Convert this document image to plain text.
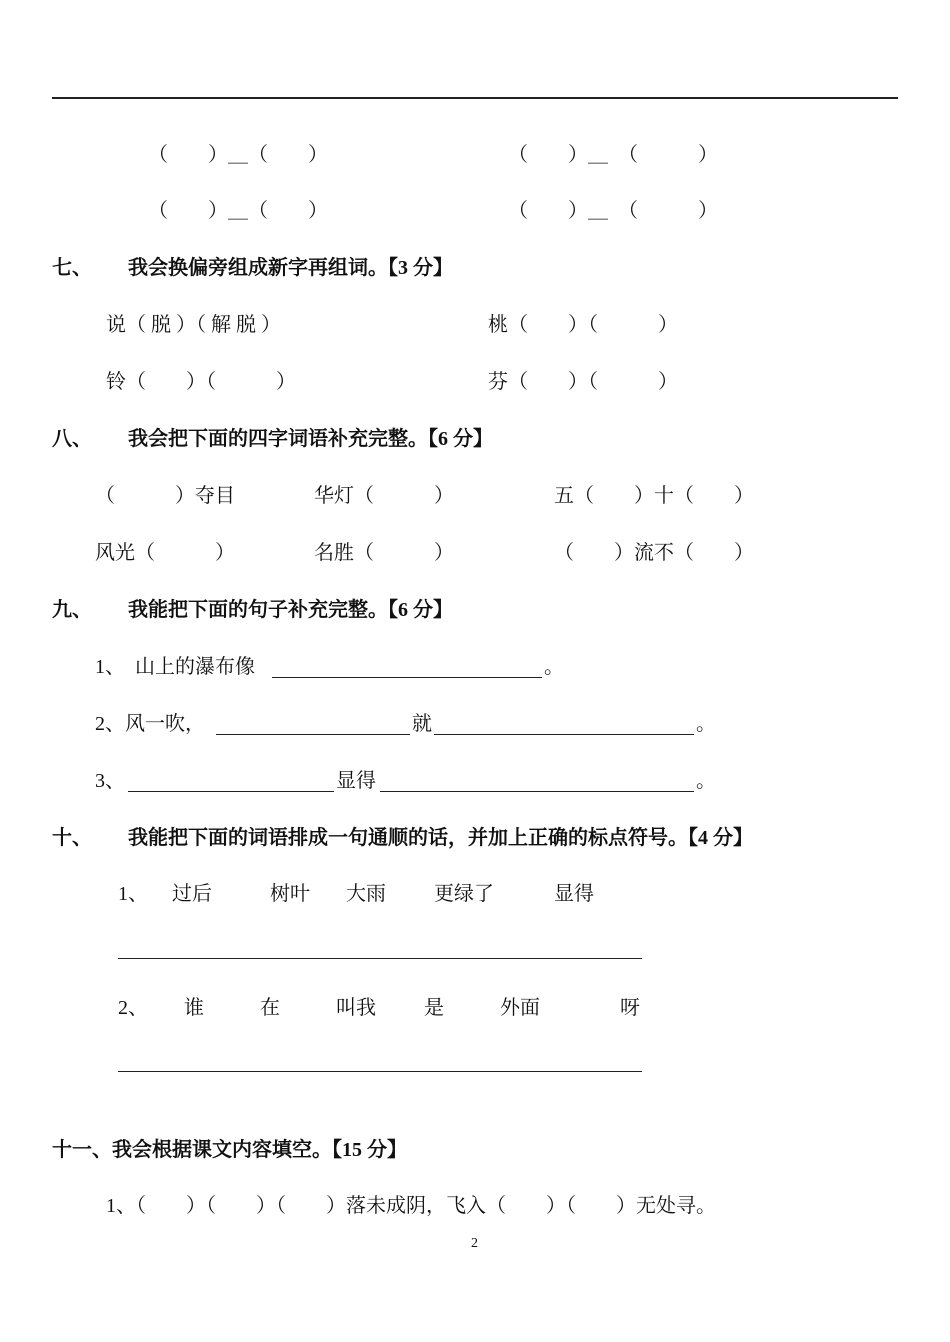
（　　）＿（　　）	（　　）＿　（　　　）
（　　）＿（　　）	（　　）＿　（　　　）
七、 我会换偏旁组成新字再组词。【3 分】
说（ 脱 ）（ 解 脱 ）	桃（　　）（　　　）
铃（　　）（　　　）	芬（　　）（　　　）
八、 我会把下面的四字词语补充完整。【6 分】
（　　　）夺目	华灯（　　　）	五（　　）十（　　）
风光（　　　）	名胜（　　　）	（　　）流不（　　）
九、 我能把下面的句子补充完整。【6 分】
1、  山上的瀑布像	。
2、风一吹，	就	。
3、	显得	。
十、 我能把下面的词语排成一句通顺的话，并加上正确的标点符号。【4 分】
1、 过后	树叶 大雨 更绿了	显得
2、 谁	在	叫我 是	外面	呀
十一、我会根据课文内容填空。【15 分】
1、（　　）（　　）（　　）落未成阴，飞入（　　）（　　）无处寻。
2
